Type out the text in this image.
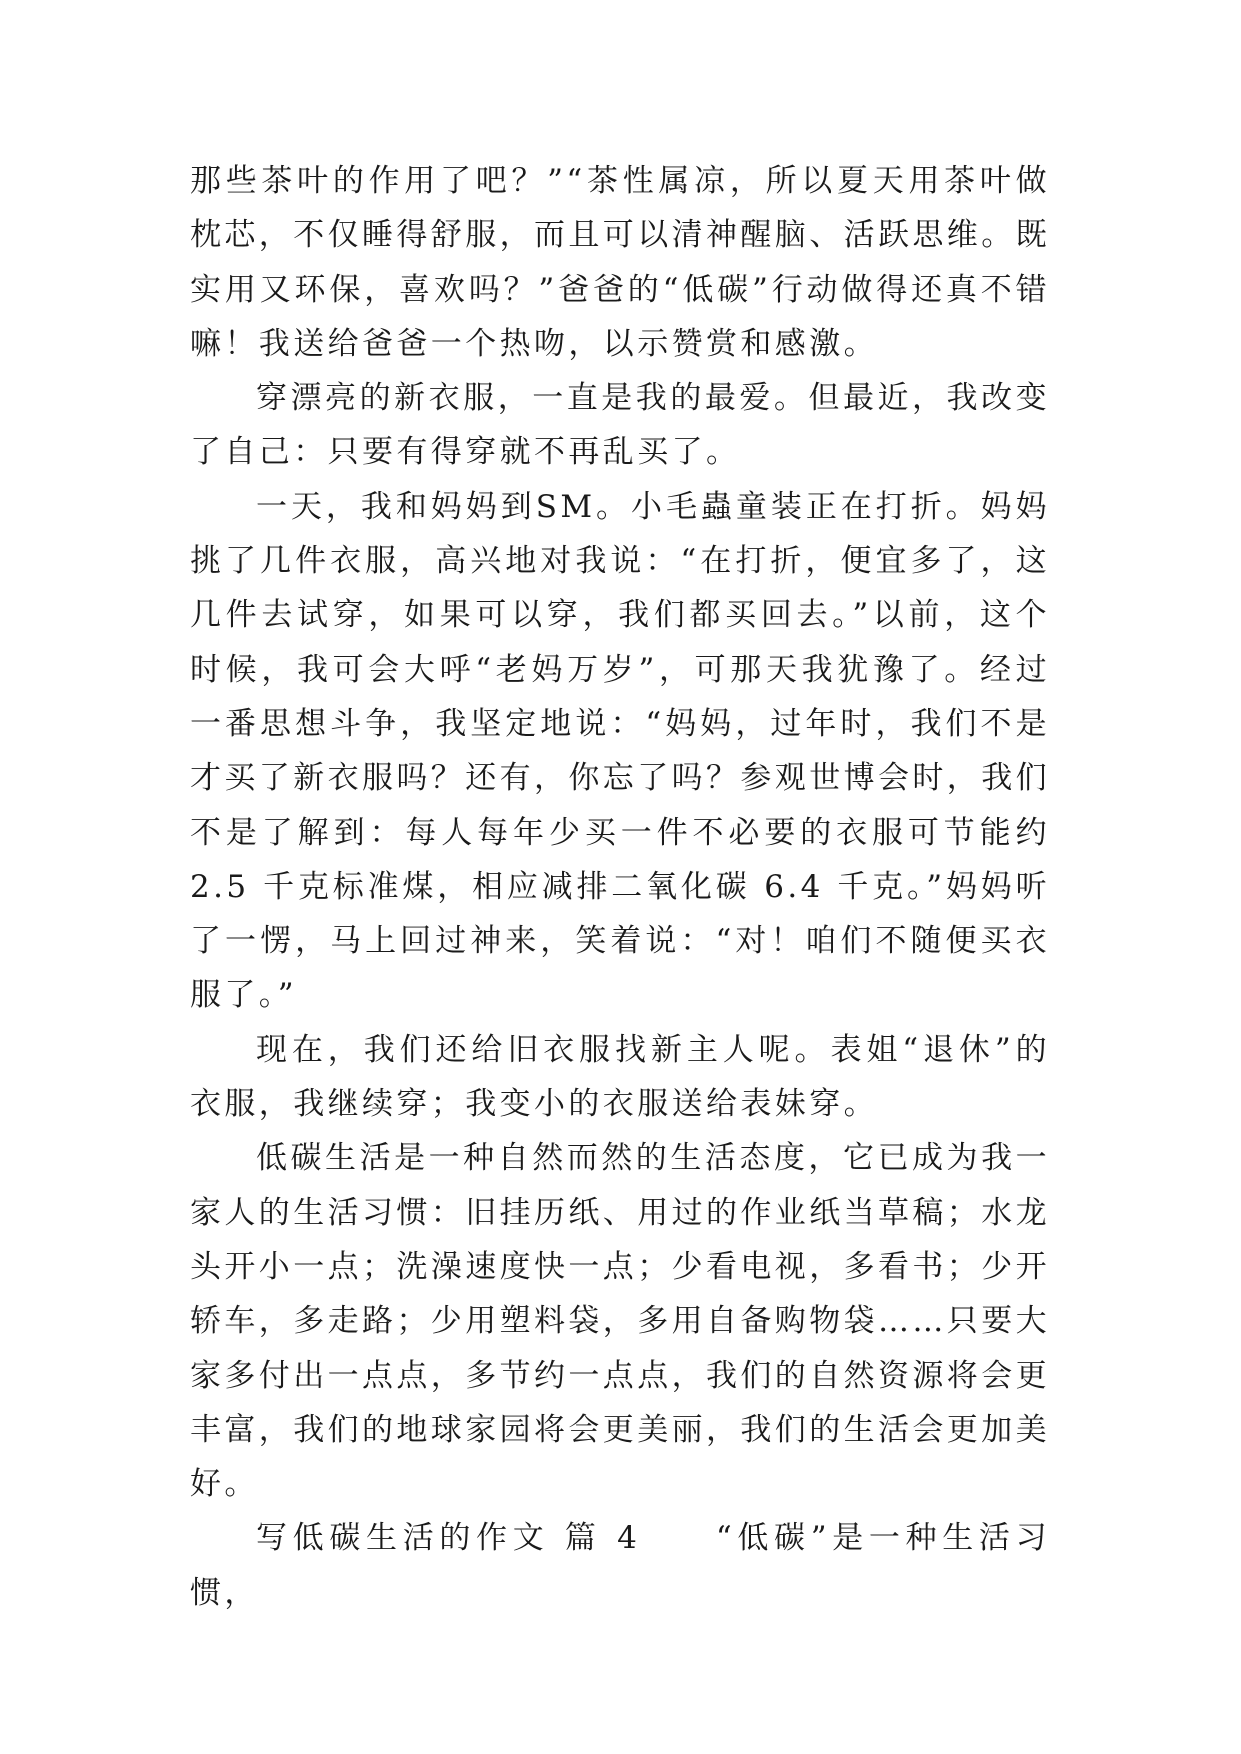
那些茶叶的作用了吧？”“茶性属凉，所以夏天用茶叶做枕芯，不仅睡得舒服，而且可以清神醒脑、活跃思维。既实用又环保，喜欢吗？”爸爸的“低碳”行动做得还真不错嘛！我送给爸爸一个热吻，以示赞赏和感激。

穿漂亮的新衣服，一直是我的最爱。但最近，我改变了自己：只要有得穿就不再乱买了。

一天，我和妈妈到SM。小毛蟲童装正在打折。妈妈挑了几件衣服，高兴地对我说：“在打折，便宜多了，这几件去试穿，如果可以穿，我们都买回去。”以前，这个时候，我可会大呼“老妈万岁”，可那天我犹豫了。经过一番思想斗争，我坚定地说：“妈妈，过年时，我们不是才买了新衣服吗？还有，你忘了吗？参观世博会时，我们不是了解到：每人每年少买一件不必要的衣服可节能约 2.5 千克标准煤，相应减排二氧化碳 6.4 千克。”妈妈听了一愣，马上回过神来，笑着说：“对！咱们不随便买衣服了。”

现在，我们还给旧衣服找新主人呢。表姐“退休”的衣服，我继续穿；我变小的衣服送给表妹穿。

低碳生活是一种自然而然的生活态度，它已成为我一家人的生活习惯：旧挂历纸、用过的作业纸当草稿；水龙头开小一点；洗澡速度快一点；少看电视，多看书；少开轿车，多走路；少用塑料袋，多用自备购物袋……只要大家多付出一点点，多节约一点点，我们的自然资源将会更丰富，我们的地球家园将会更美丽，我们的生活会更加美好。

写低碳生活的作文 篇 4　　“低碳”是一种生活习惯，
